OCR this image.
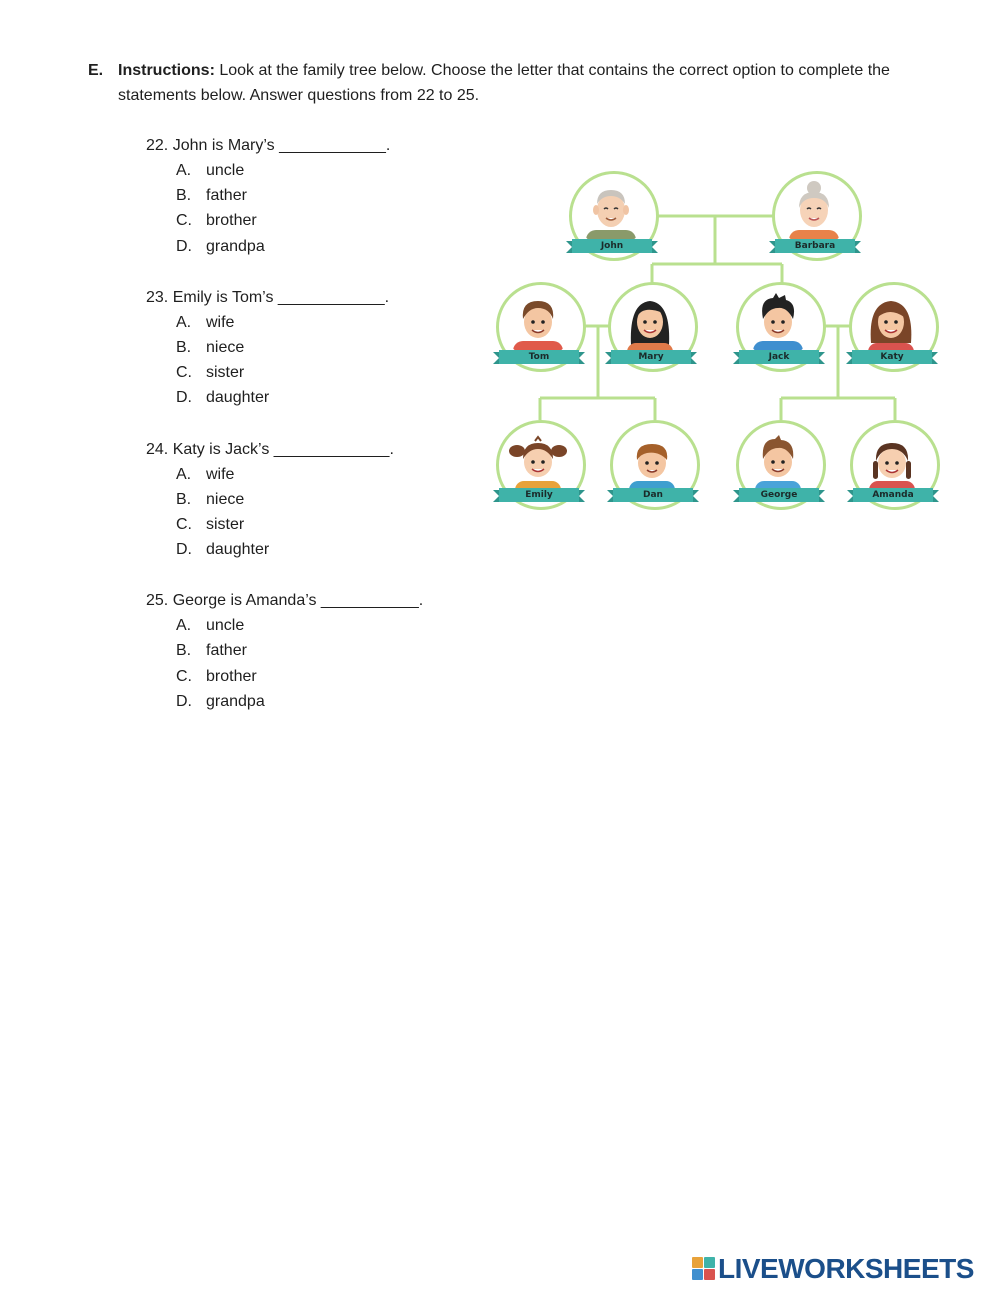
E. Instructions: Look at the family tree below. Choose the letter that contains the correct option to complete the statements below. Answer questions from 22 to 25.
22. John is Mary’s ____________.
A. uncle
B. father
C. brother
D. grandpa
23. Emily is Tom’s ____________.
A. wife
B. niece
C. sister
D. daughter
24. Katy is Jack’s _____________.
A. wife
B. niece
C. sister
D. daughter
25. George is Amanda’s ___________.
A. uncle
B. father
C. brother
D. grandpa
John	Barbara
Tom	Mary	Jack	Katy
Emily	Dan	George	Amanda
LIVEWORKSHEETS
